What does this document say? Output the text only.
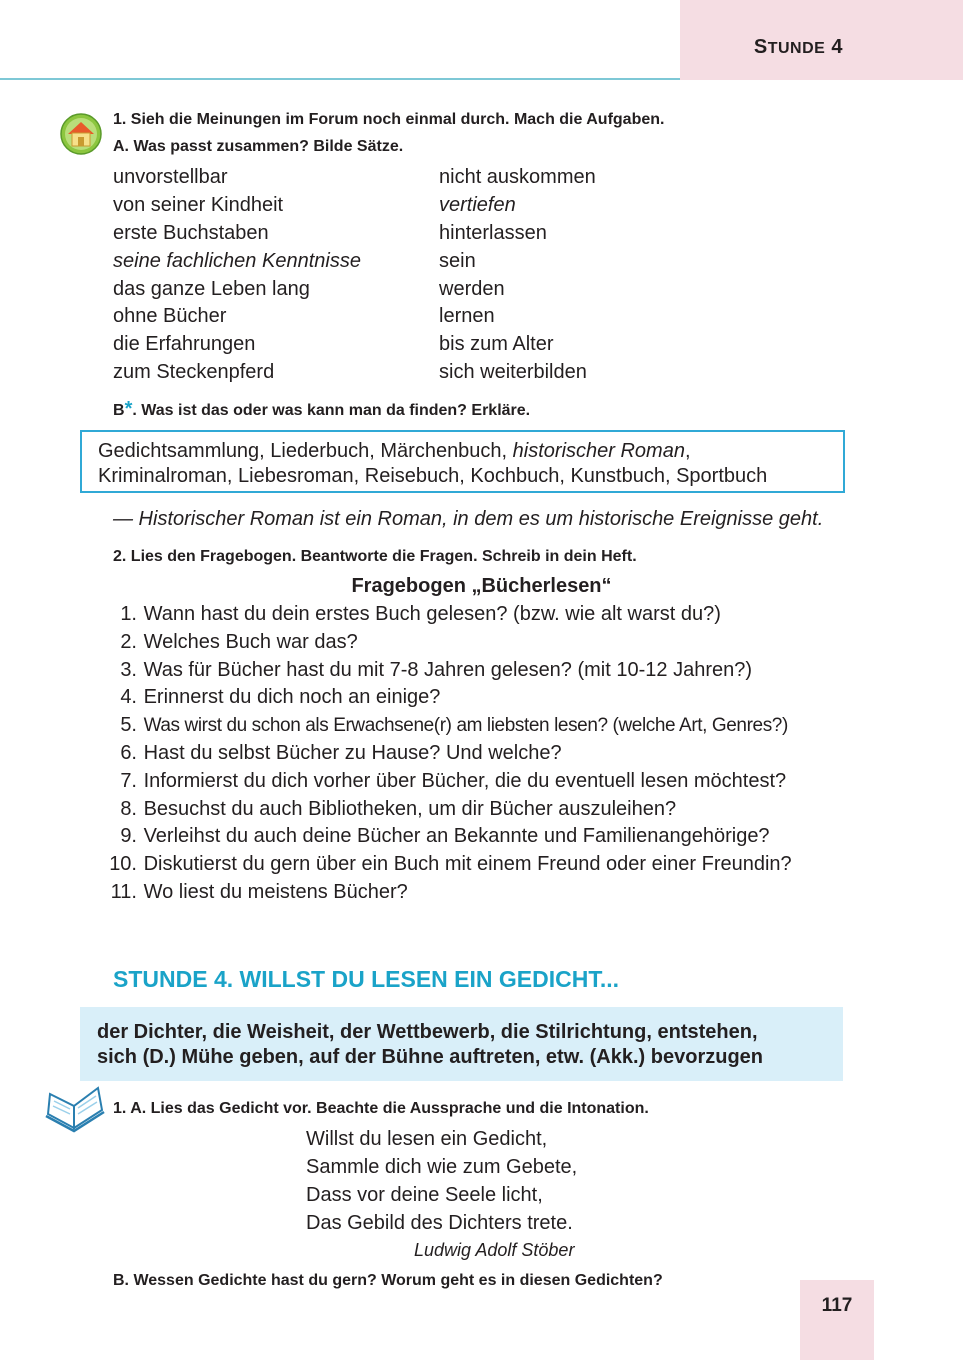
STUNDE 4
1. Sieh die Meinungen im Forum noch einmal durch. Mach die Aufgaben.
A. Was passt zusammen? Bilde Sätze.
unvorstellbar
von seiner Kindheit
erste Buchstaben
seine fachlichen Kenntnisse
das ganze Leben lang
ohne Bücher
die Erfahrungen
zum Steckenpferd
nicht auskommen
vertiefen
hinterlassen
sein
werden
lernen
bis zum Alter
sich weiterbilden
B*. Was ist das oder was kann man da finden? Erkläre.
Gedichtsammlung, Liederbuch, Märchenbuch, historischer Roman,
Kriminalroman, Liebesroman, Reisebuch, Kochbuch, Kunstbuch, Sportbuch
— Historischer Roman ist ein Roman, in dem es um historische Ereignisse geht.
2. Lies den Fragebogen. Beantworte die Fragen. Schreib in dein Heft.
Fragebogen „Bücherlesen“
1. Wann hast du dein erstes Buch gelesen? (bzw. wie alt warst du?)
2. Welches Buch war das?
3. Was für Bücher hast du mit 7-8 Jahren gelesen? (mit 10-12 Jahren?)
4. Erinnerst du dich noch an einige?
5. Was wirst du schon als Erwachsene(r) am liebsten lesen? (welche Art, Genres?)
6. Hast du selbst Bücher zu Hause? Und welche?
7. Informierst du dich vorher über Bücher, die du eventuell lesen möchtest?
8. Besuchst du auch Bibliotheken, um dir Bücher auszuleihen?
9. Verleihst du auch deine Bücher an Bekannte und Familienangehörige?
10. Diskutierst du gern über ein Buch mit einem Freund oder einer Freundin?
11. Wo liest du meistens Bücher?
STUNDE 4. WILLST DU LESEN EIN GEDICHT...
der Dichter, die Weisheit, der Wettbewerb, die Stilrichtung, entstehen,
sich (D.) Mühe geben, auf der Bühne auftreten, etw. (Akk.) bevorzugen
1. A. Lies das Gedicht vor. Beachte die Aussprache und die Intonation.
Willst du lesen ein Gedicht,
Sammle dich wie zum Gebete,
Dass vor deine Seele licht,
Das Gebild des Dichters trete.
Ludwig Adolf Stöber
B. Wessen Gedichte hast du gern? Worum geht es in diesen Gedichten?
117
